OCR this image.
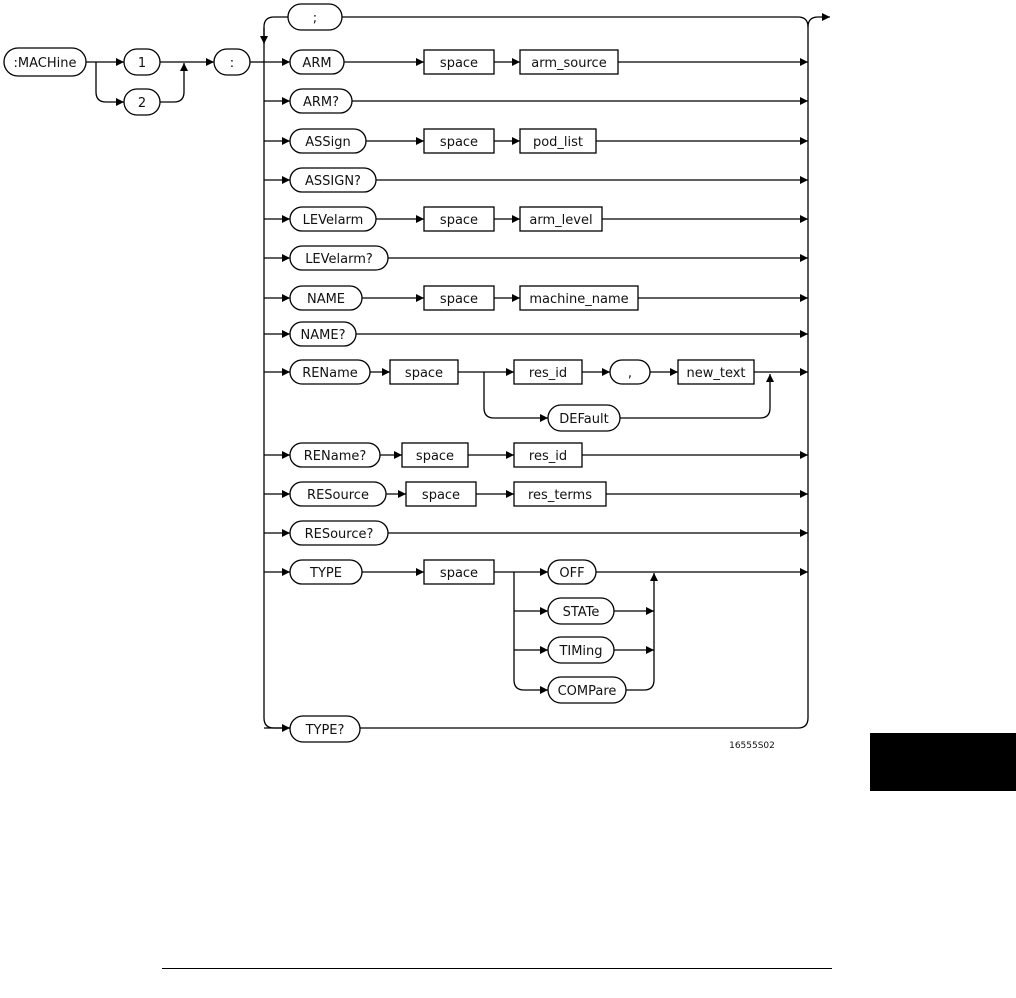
:MACHine	1
2
:
;
ARM	space	arm_source
ARM?
ASSign	space	pod_list
ASSIGN?
LEVelarm	space	arm_level
LEVelarm?
NAME	space	machine_name
NAME?
REName	space	res_id	,	new_text
DEFault
REName?	space	res_id
RESource	space	res_terms
RESource?
TYPE	space	OFF
STATe
TIMing
COMPare
TYPE?
16555S02
